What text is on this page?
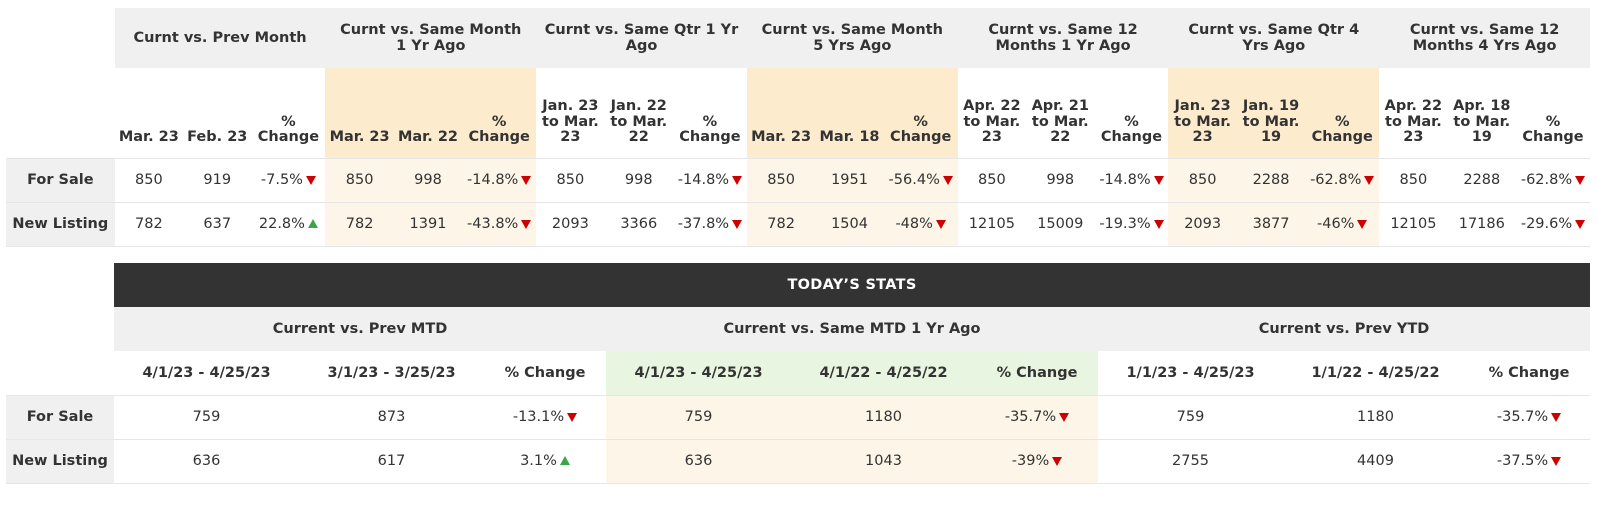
	Curnt vs. Prev Month			Curnt vs. Same Month 1 Yr Ago			Curnt vs. Same Qtr 1 Yr Ago			Curnt vs. Same Month 5 Yrs Ago			Curnt vs. Same 12 Months 1 Yr Ago			Curnt vs. Same Qtr 4 Yrs Ago			Curnt vs. Same 12 Months 4 Yrs Ago		
	Mar. 23	Feb. 23	% Change	Mar. 23	Mar. 22	% Change	Jan. 23 to Mar. 23	Jan. 22 to Mar. 22	% Change	Mar. 23	Mar. 18	% Change	Apr. 22 to Mar. 23	Apr. 21 to Mar. 22	% Change	Jan. 23 to Mar. 23	Jan. 19 to Mar. 19	% Change	Apr. 22 to Mar. 23	Apr. 18 to Mar. 19	% Change
For Sale	850	919	-7.5%	850	998	-14.8%	850	998	-14.8%	850	1951	-56.4%	850	998	-14.8%	850	2288	-62.8%	850	2288	-62.8%
New Listing	782	637	22.8%	782	1391	-43.8%	2093	3366	-37.8%	782	1504	-48%	12105	15009	-19.3%	2093	3877	-46%	12105	17186	-29.6%
	TODAY’S STATS								
	Current vs. Prev MTD			Current vs. Same MTD 1 Yr Ago			Current vs. Prev YTD		
	4/1/23 - 4/25/23	3/1/23 - 3/25/23	% Change	4/1/23 - 4/25/23	4/1/22 - 4/25/22	% Change	1/1/23 - 4/25/23	1/1/22 - 4/25/22	% Change
For Sale	759	873	-13.1%	759	1180	-35.7%	759	1180	-35.7%
New Listing	636	617	3.1%	636	1043	-39%	2755	4409	-37.5%
